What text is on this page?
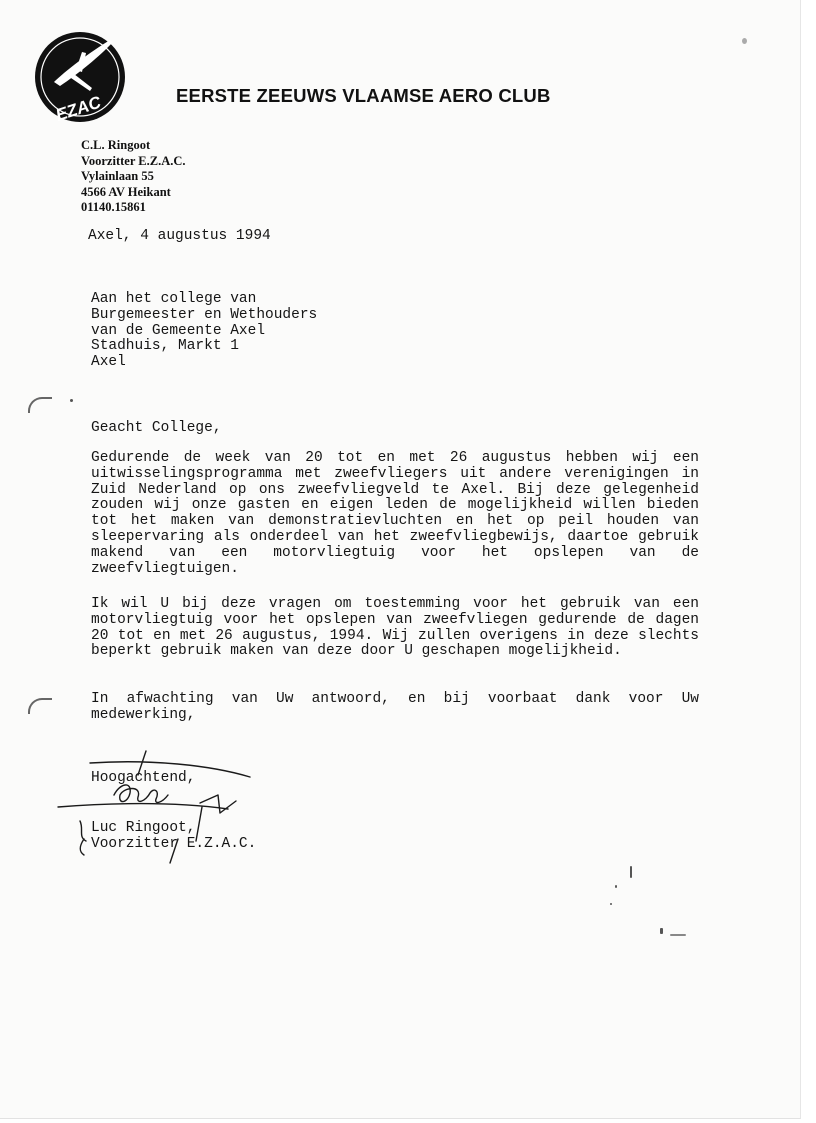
EZAC	EERSTE ZEEUWS VLAAMSE AERO CLUB
C.L. Ringoot
Voorzitter E.Z.A.C.
Vylainlaan 55
4566 AV Heikant
01140.15861
Axel, 4 augustus 1994
Aan het college van
Burgemeester en Wethouders
van de Gemeente Axel
Stadhuis, Markt 1
Axel
Geacht College,
Gedurende de week van 20 tot en met 26 augustus hebben wij een uitwisselingsprogramma met zweefvliegers uit andere verenigingen in Zuid Nederland op ons zweefvliegveld te Axel. Bij deze gelegenheid zouden wij onze gasten en eigen leden de mogelijkheid willen bieden tot het maken van demonstratievluchten en het op peil houden van sleepervaring als onderdeel van het zweefvliegbewijs, daartoe gebruik makend van een motorvliegtuig voor het opslepen van de zweefvliegtuigen.
Ik wil U bij deze vragen om toestemming voor het gebruik van een motorvliegtuig voor het opslepen van zweefvliegen gedurende de dagen 20 tot en met 26 augustus, 1994. Wij zullen overigens in deze slechts beperkt gebruik maken van deze door U geschapen mogelijkheid.
In afwachting van Uw antwoord, en bij voorbaat dank voor Uw medewerking,
Hoogachtend,
Luc Ringoot,
Voorzitter E.Z.A.C.
